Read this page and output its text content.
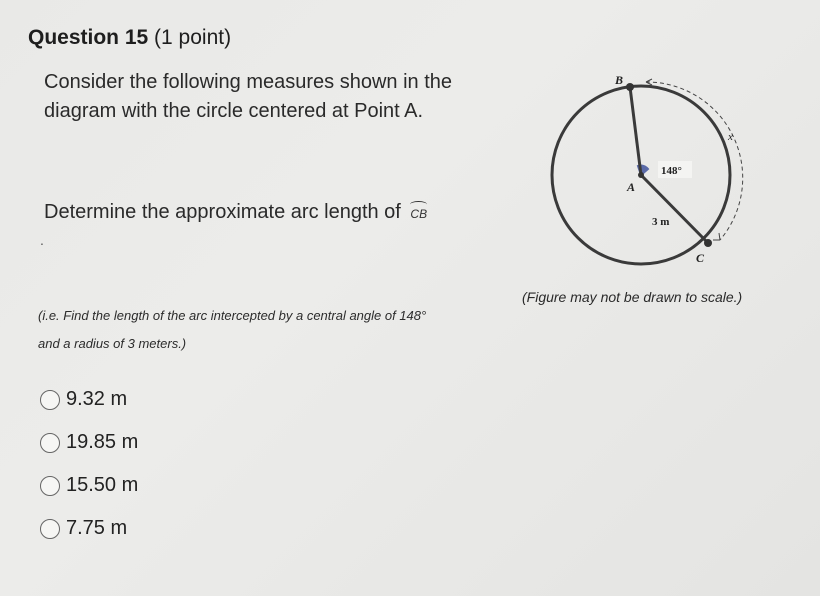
Question 15 (1 point)
Consider the following measures shown in the diagram with the circle centered at Point A.
Determine the approximate arc length of CB
.
(i.e. Find the length of the arc intercepted by a central angle of 148°
and a radius of 3 meters.)
9.32 m
19.85 m
15.50 m
7.75 m
148°
A
B
C
3 m
x
(Figure may not be drawn to scale.)
